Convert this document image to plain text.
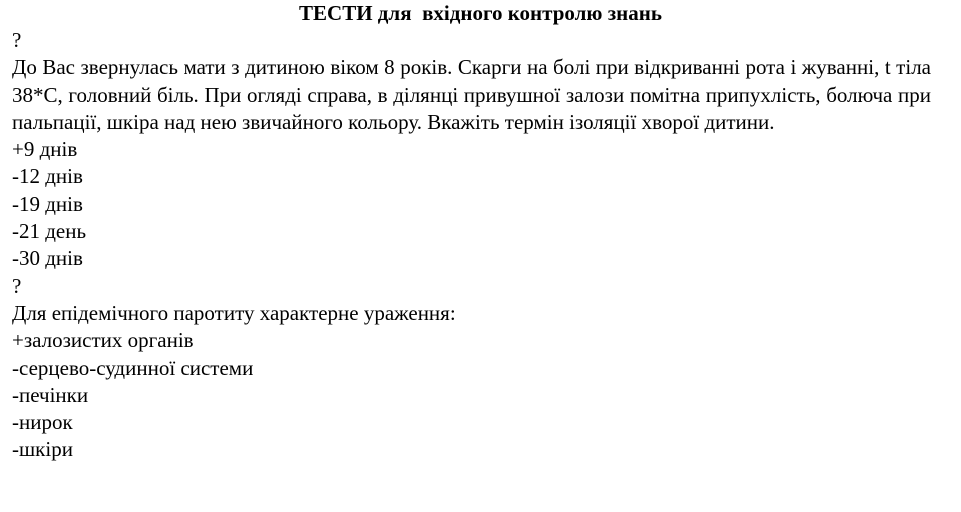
ТЕСТИ для  вхідного контролю знань

?

До Вас звернулась мати з дитиною віком 8 років. Скарги на болі при відкриванні рота і жуванні, t тіла 38*С, головний біль. При огляді справа, в ділянці привушної залози помітна припухлість, болюча при пальпації, шкіра над нею звичайного кольору. Вкажіть термін ізоляції хворої дитини.

+9 днів

-12 днів

-19 днів

-21 день

-30 днів

?

Для епідемічного паротиту характерне ураження:

+залозистих органів

-серцево-судинної системи

-печінки

-нирок

-шкіри
